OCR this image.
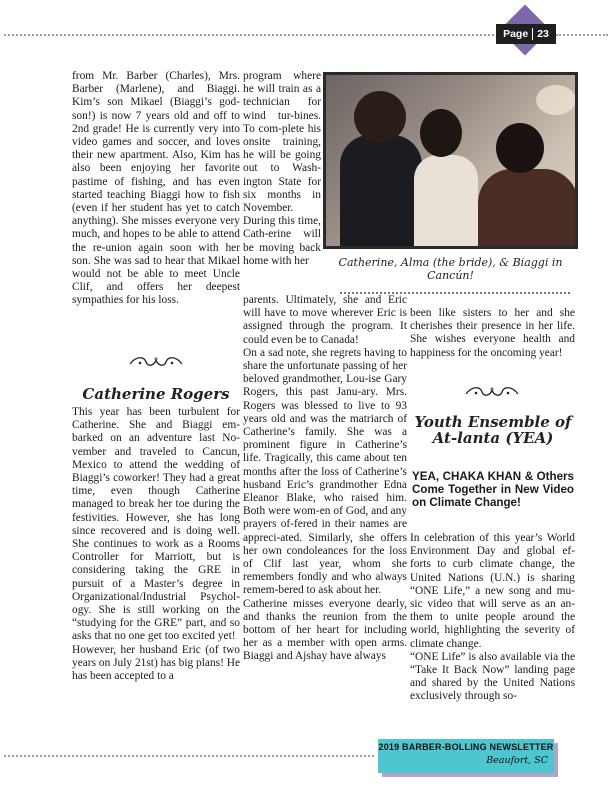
Page 23

from Mr. Barber (Charles), Mrs. Barber (Marlene), and Biaggi. Kim’s son Mikael (Biaggi’s god-son!) is now 7 years old and off to 2nd grade! He is currently very into video games and soccer, and loves their new apartment. Also, Kim has also been enjoying her favorite pastime of fishing, and has even started teaching Biaggi how to fish (even if her student has yet to catch anything). She misses everyone very much, and hopes to be able to attend the re-union again soon with her son. She was sad to hear that Mikael would not be able to meet Uncle Clif, and offers her deepest sympathies for his loss.

Catherine Rogers

This year has been turbulent for Catherine. She and Biaggi em-barked on an adventure last No-vember and traveled to Cancun, Mexico to attend the wedding of Biaggi’s coworker! They had a great time, even though Catherine managed to break her toe during the festivities. However, she has long since recovered and is doing well. She continues to work as a Rooms Controller for Marriott, but is considering taking the GRE in pursuit of a Master’s degree in Organizational/Industrial Psychol-ogy. She is still working on the “studying for the GRE” part, and so asks that no one get too excited yet!

However, her husband Eric (of two years on July 21st) has big plans! He has been accepted to a

program where he will train as a technician for wind tur-bines. To com-plete his onsite training, he will be going out to Wash-ington State for six months in November. During this time, Cath-erine will be moving back home with her

parents. Ultimately, she and Eric will have to move wherever Eric is assigned through the program. It could even be to Canada!

On a sad note, she regrets having to share the unfortunate passing of her beloved grandmother, Lou-ise Gary Rogers, this past Janu-ary. Mrs. Rogers was blessed to live to 93 years old and was the matriarch of Catherine’s family. She was a prominent figure in Catherine’s life. Tragically, this came about ten months after the loss of Catherine’s husband Eric’s grandmother Edna Eleanor Blake, who raised him. Both were wom-en of God, and any prayers of-fered in their names are appreci-ated. Similarly, she offers her own condoleances for the loss of Clif last year, whom she remembers fondly and who always remem-bered to ask about her.

Catherine misses everyone dearly, and thanks the reunion from the bottom of her heart for including her as a member with open arms. Biaggi and Ajshay have always

Catherine, Alma (the bride), & Biaggi in Cancún!

been like sisters to her and she cherishes their presence in her life. She wishes everyone health and happiness for the oncoming year!

Youth Ensemble of At-lanta (YEA)
YEA, CHAKA KHAN & Others Come Together in New Video on Climate Change!

In celebration of this year’s World Environment Day and global ef-forts to curb climate change, the United Nations (U.N.) is sharing “ONE Life,” a new song and mu-sic video that will serve as an an-them to unite people around the world, highlighting the severity of climate change.

“ONE Life” is also available via the “Take It Back Now” landing page and shared by the United Nations exclusively through so-

2019 BARBER-BOLLING NEWSLETTER
Beaufort, SC
